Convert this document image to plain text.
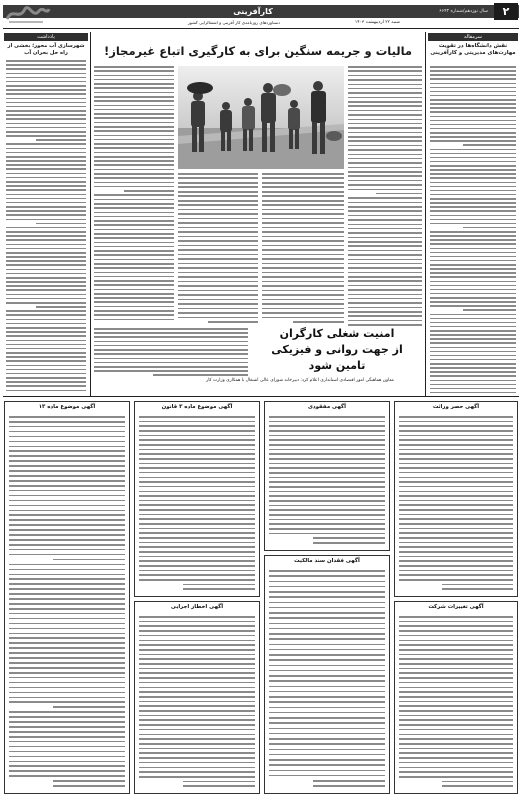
۲
کارآفرینی	سال نوزدهم/شماره ۶۶۴۳
شنبه ۲۲ اردیبهشت ۱۴۰۳
دستاوردهای روزنامه‌ی کار آفرینی و اشتغالزایی کشور
سرمقاله
نقش دانشگاه‌ها در تقویت مهارت‌های مدیریتی و کارآفرینی
یادداشت
شهرسازی آب‌ محور؛ بخشی از راه حل بحران آب	مالیات و جریمه سنگین برای به کارگیری اتباع غیرمجاز!
امنیت شغلی کارگران
از جهت روانی و فیزیکی
تامین شود
معاون هماهنگی امور اقتصادی استانداری اعلام کرد: دبیرخانه شورای عالی اشتغال با همکاری وزارت کار
آگهی حصر وراثت
آگهی تغییرات شرکت
آگهی مفقودی
آگهی فقدان سند مالکیت
آگهی موضوع ماده ۳ قانون
آگهی اخطار اجرایی
آگهی موضوع ماده ۱۳
